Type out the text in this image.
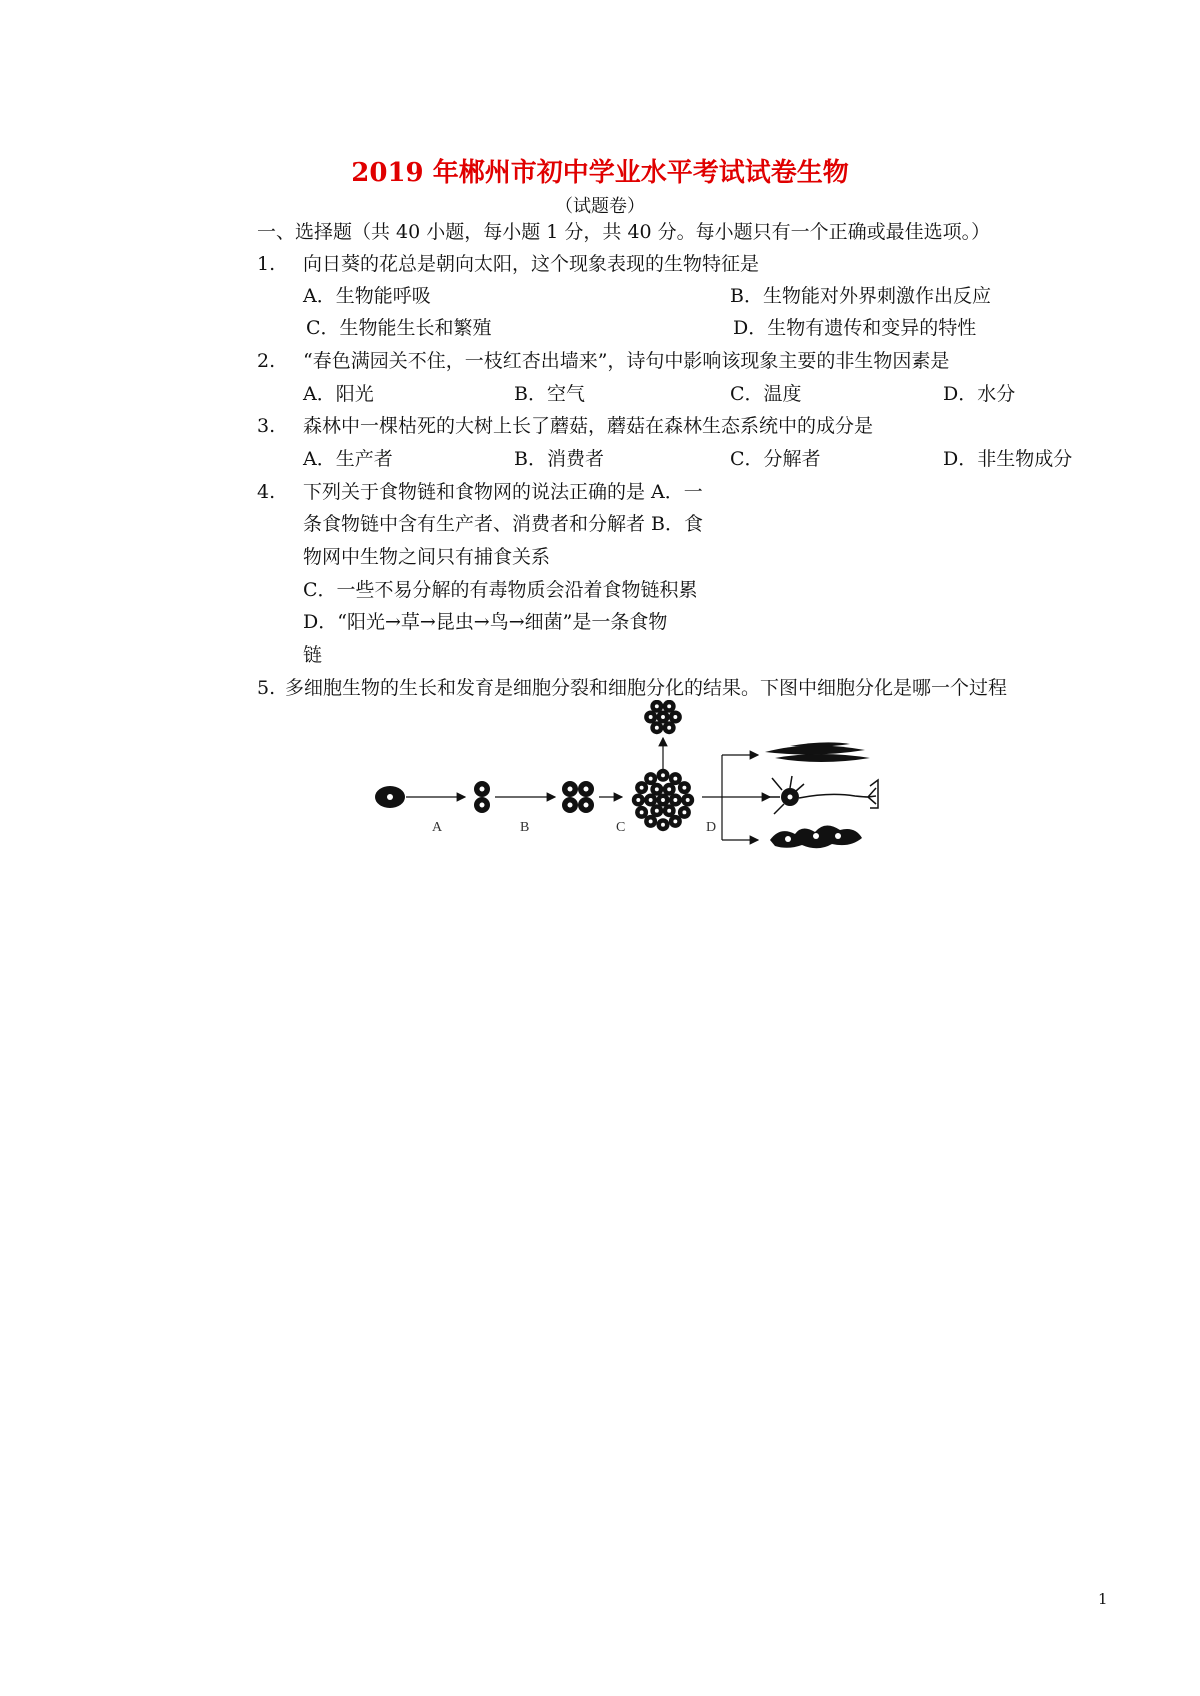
2019 年郴州市初中学业水平考试试卷生物
（试题卷）
一、选择题（共 40 小题，每小题 1 分，共 40 分。每小题只有一个正确或最佳选项。）
1. 向日葵的花总是朝向太阳，这个现象表现的生物特征是
A．生物能呼吸	B．生物能对外界刺激作出反应
C．生物能生长和繁殖	D．生物有遗传和变异的特性
2. “春色满园关不住，一枝红杏出墙来”，诗句中影响该现象主要的非生物因素是
A．阳光	B．空气	C．温度	D．水分
3. 森林中一棵枯死的大树上长了蘑菇，蘑菇在森林生态系统中的成分是
A．生产者	B．消费者	C．分解者	D．非生物成分
4. 下列关于食物链和食物网的说法正确的是 A．一
条食物链中含有生产者、消费者和分解者 B．食
物网中生物之间只有捕食关系
C．一些不易分解的有毒物质会沿着食物链积累
D．“阳光→草→昆虫→鸟→细菌”是一条食物
链
5. 多细胞生物的生长和发育是细胞分裂和细胞分化的结果。下图中细胞分化是哪一个过程
A	B	C	D
1
